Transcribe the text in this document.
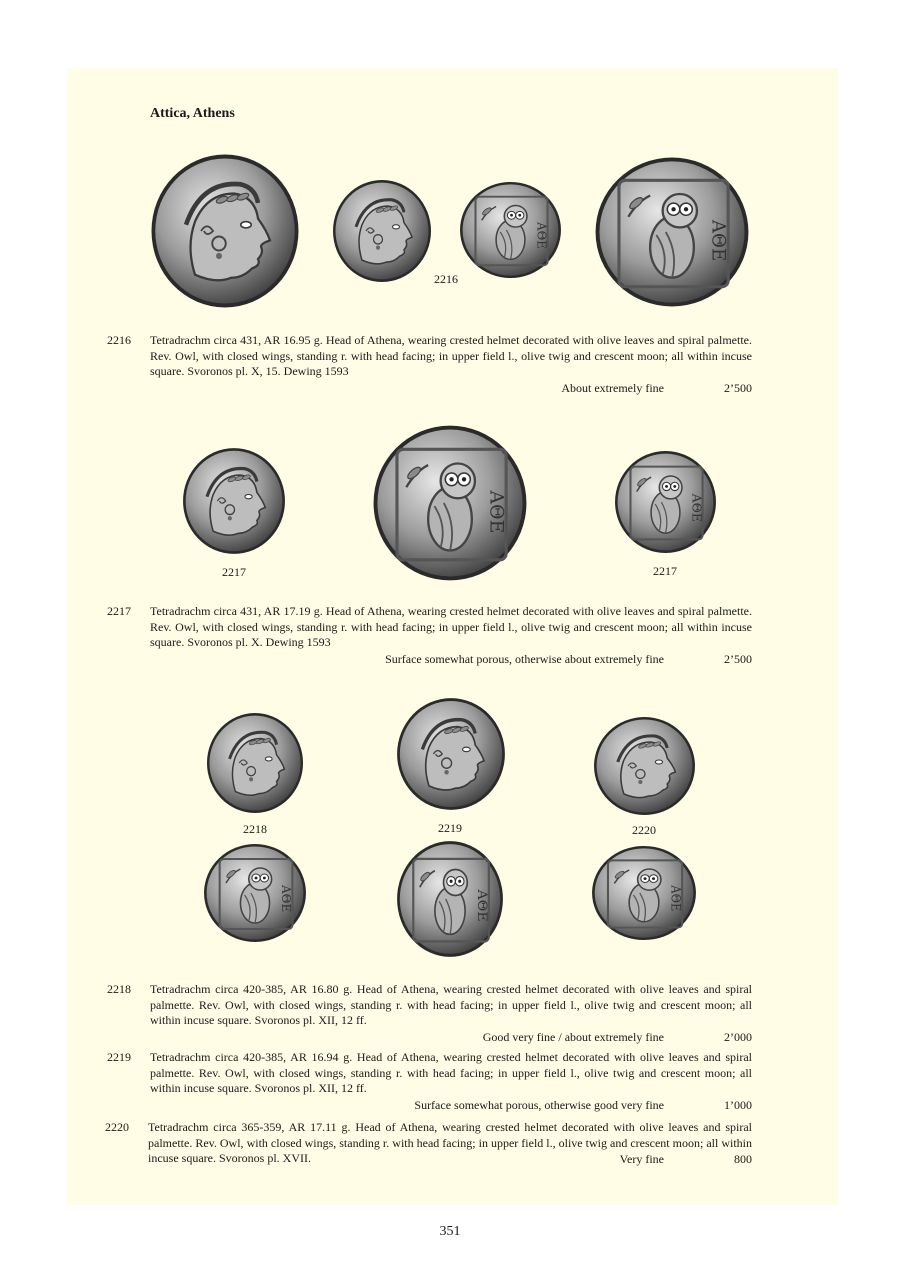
Attica, Athens
ΑΘΕ	ΑΘΕ
2216
ΑΘΕ	ΑΘΕ
2217	2217
2218	2219	2220
ΑΘΕ	ΑΘΕ	ΑΘΕ
2216 Tetradrachm circa 431, AR 16.95 g. Head of Athena, wearing crested helmet decorated with olive leaves and spiral palmette. Rev. Owl, with closed wings, standing r. with head facing; in upper field l., olive twig and crescent moon; all within incuse square. Svoronos pl. X, 15. Dewing 1593
About extremely fine	2’500
2217 Tetradrachm circa 431, AR 17.19 g. Head of Athena, wearing crested helmet decorated with olive leaves and spiral palmette. Rev. Owl, with closed wings, standing r. with head facing; in upper field l., olive twig and crescent moon; all within incuse square. Svoronos pl. X. Dewing 1593
Surface somewhat porous, otherwise about extremely fine	2’500
2218 Tetradrachm circa 420-385, AR 16.80 g. Head of Athena, wearing crested helmet decorated with olive leaves and spiral palmette. Rev. Owl, with closed wings, standing r. with head facing; in upper field l., olive twig and crescent moon; all within incuse square. Svoronos pl. XII, 12 ff.
Good very fine / about extremely fine	2’000
2219 Tetradrachm circa 420-385, AR 16.94 g. Head of Athena, wearing crested helmet decorated with olive leaves and spiral palmette. Rev. Owl, with closed wings, standing r. with head facing; in upper field l., olive twig and crescent moon; all within incuse square. Svoronos pl. XII, 12 ff.
Surface somewhat porous, otherwise good very fine	1’000
2220 Tetradrachm circa 365-359, AR 17.11 g. Head of Athena, wearing crested helmet decorated with olive leaves and spiral palmette. Rev. Owl, with closed wings, standing r. with head facing; in upper field l., olive twig and crescent moon; all within incuse square. Svoronos pl. XVII.	Very fine	800
351
